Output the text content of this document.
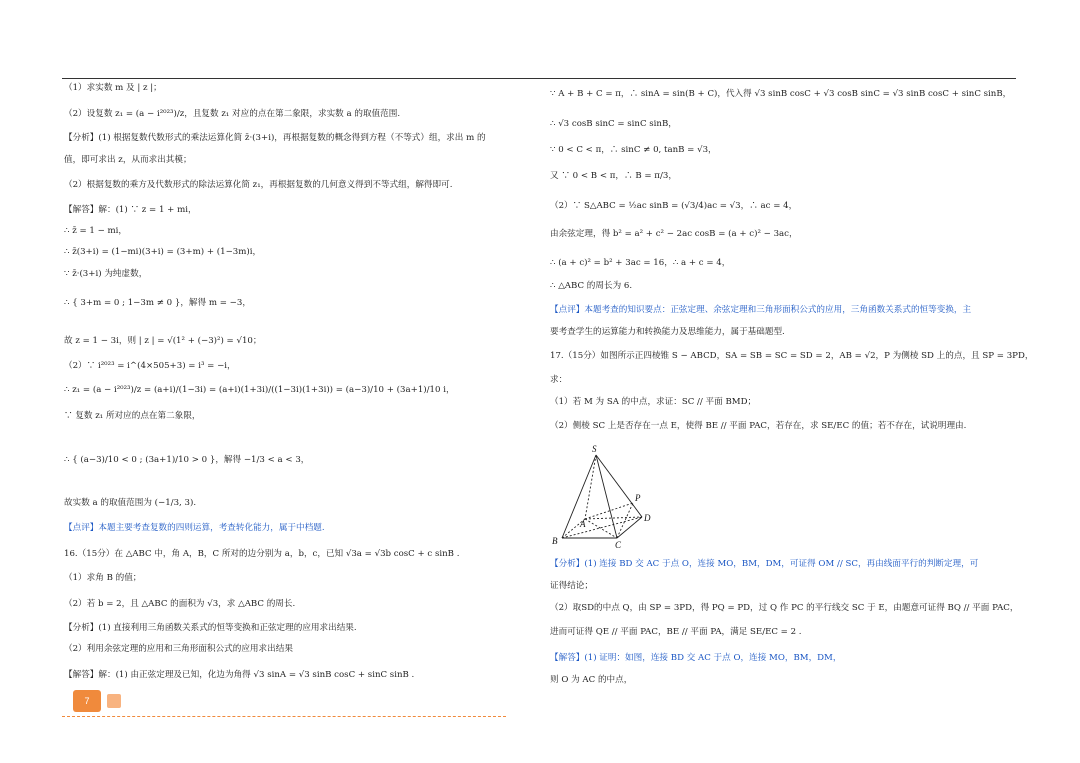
（1）求实数 m 及 | z |；
（2）设复数 z₁ = (a − i²⁰²³)/z，且复数 z₁ 对应的点在第二象限，求实数 a 的取值范围.
【分析】(1) 根据复数代数形式的乘法运算化简 z̄·(3+i)，再根据复数的概念得到方程（不等式）组，求出 m 的
值，即可求出 z，从而求出其模；
（2）根据复数的乘方及代数形式的除法运算化简 z₁，再根据复数的几何意义得到不等式组，解得即可.
【解答】解：(1) ∵ z = 1 + mi，
∴ z̄ = 1 − mi，
∴ z̄(3+i) = (1−mi)(3+i) = (3+m) + (1−3m)i，
∵ z̄·(3+i) 为纯虚数，
∴ { 3+m = 0 ; 1−3m ≠ 0 }，解得 m = −3，
故 z = 1 − 3i，则 | z | = √(1² + (−3)²) = √10；
（2）∵ i²⁰²³ = i^(4×505+3) = i³ = −i，
∴ z₁ = (a − i²⁰²³)/z = (a+i)/(1−3i) = (a+i)(1+3i)/((1−3i)(1+3i)) = (a−3)/10 + (3a+1)/10 i，
∵ 复数 z₁ 所对应的点在第二象限，
∴ { (a−3)/10 < 0 ; (3a+1)/10 > 0 }，解得 −1/3 < a < 3，
故实数 a 的取值范围为 (−1/3, 3).
【点评】本题主要考查复数的四则运算，考查转化能力，属于中档题.
16.（15分）在 △ABC 中，角 A，B，C 所对的边分别为 a，b，c，已知 √3a = √3b cosC + c sinB .
（1）求角 B 的值；
（2）若 b = 2，且 △ABC 的面积为 √3，求 △ABC 的周长.
【分析】(1) 直接利用三角函数关系式的恒等变换和正弦定理的应用求出结果.
（2）利用余弦定理的应用和三角形面积公式的应用求出结果
【解答】解：(1) 由正弦定理及已知，化边为角得 √3 sinA = √3 sinB cosC + sinC sinB .
∵ A + B + C = π，∴ sinA = sin(B + C)，代入得 √3 sinB cosC + √3 cosB sinC = √3 sinB cosC + sinC sinB，
∴ √3 cosB sinC = sinC sinB，
∵ 0 < C < π，∴ sinC ≠ 0, tanB = √3，
又 ∵ 0 < B < π，∴ B = π/3，
（2）∵ S△ABC = ½ac sinB = (√3/4)ac = √3，∴ ac = 4，
由余弦定理，得 b² = a² + c² − 2ac cosB = (a + c)² − 3ac，
∴ (a + c)² = b² + 3ac = 16，∴ a + c = 4，
∴ △ABC 的周长为 6.
【点评】本题考查的知识要点：正弦定理、余弦定理和三角形面积公式的应用，三角函数关系式的恒等变换，主
要考查学生的运算能力和转换能力及思维能力，属于基础题型.
17.（15分）如图所示正四棱锥 S − ABCD，SA = SB = SC = SD = 2，AB = √2，P 为侧棱 SD 上的点，且 SP = 3PD，
求：
（1）若 M 为 SA 的中点，求证：SC // 平面 BMD；
（2）侧棱 SC 上是否存在一点 E，使得 BE // 平面 PAC，若存在，求 SE/EC 的值；若不存在，试说明理由.
【分析】(1) 连接 BD 交 AC 于点 O，连接 MO，BM，DM，可证得 OM // SC，再由线面平行的判断定理，可
证得结论；
（2）取SD的中点 Q，由 SP = 3PD，得 PQ = PD，过 Q 作 PC 的平行线交 SC 于 E，由题意可证得 BQ // 平面 PAC，
进而可证得 QE // 平面 PAC，BE // 平面 PA，满足 SE/EC = 2 .
【解答】(1) 证明：如图，连接 BD 交 AC 于点 O，连接 MO，BM，DM，
则 O 为 AC 的中点，
S
P
D
A
B	C
7
